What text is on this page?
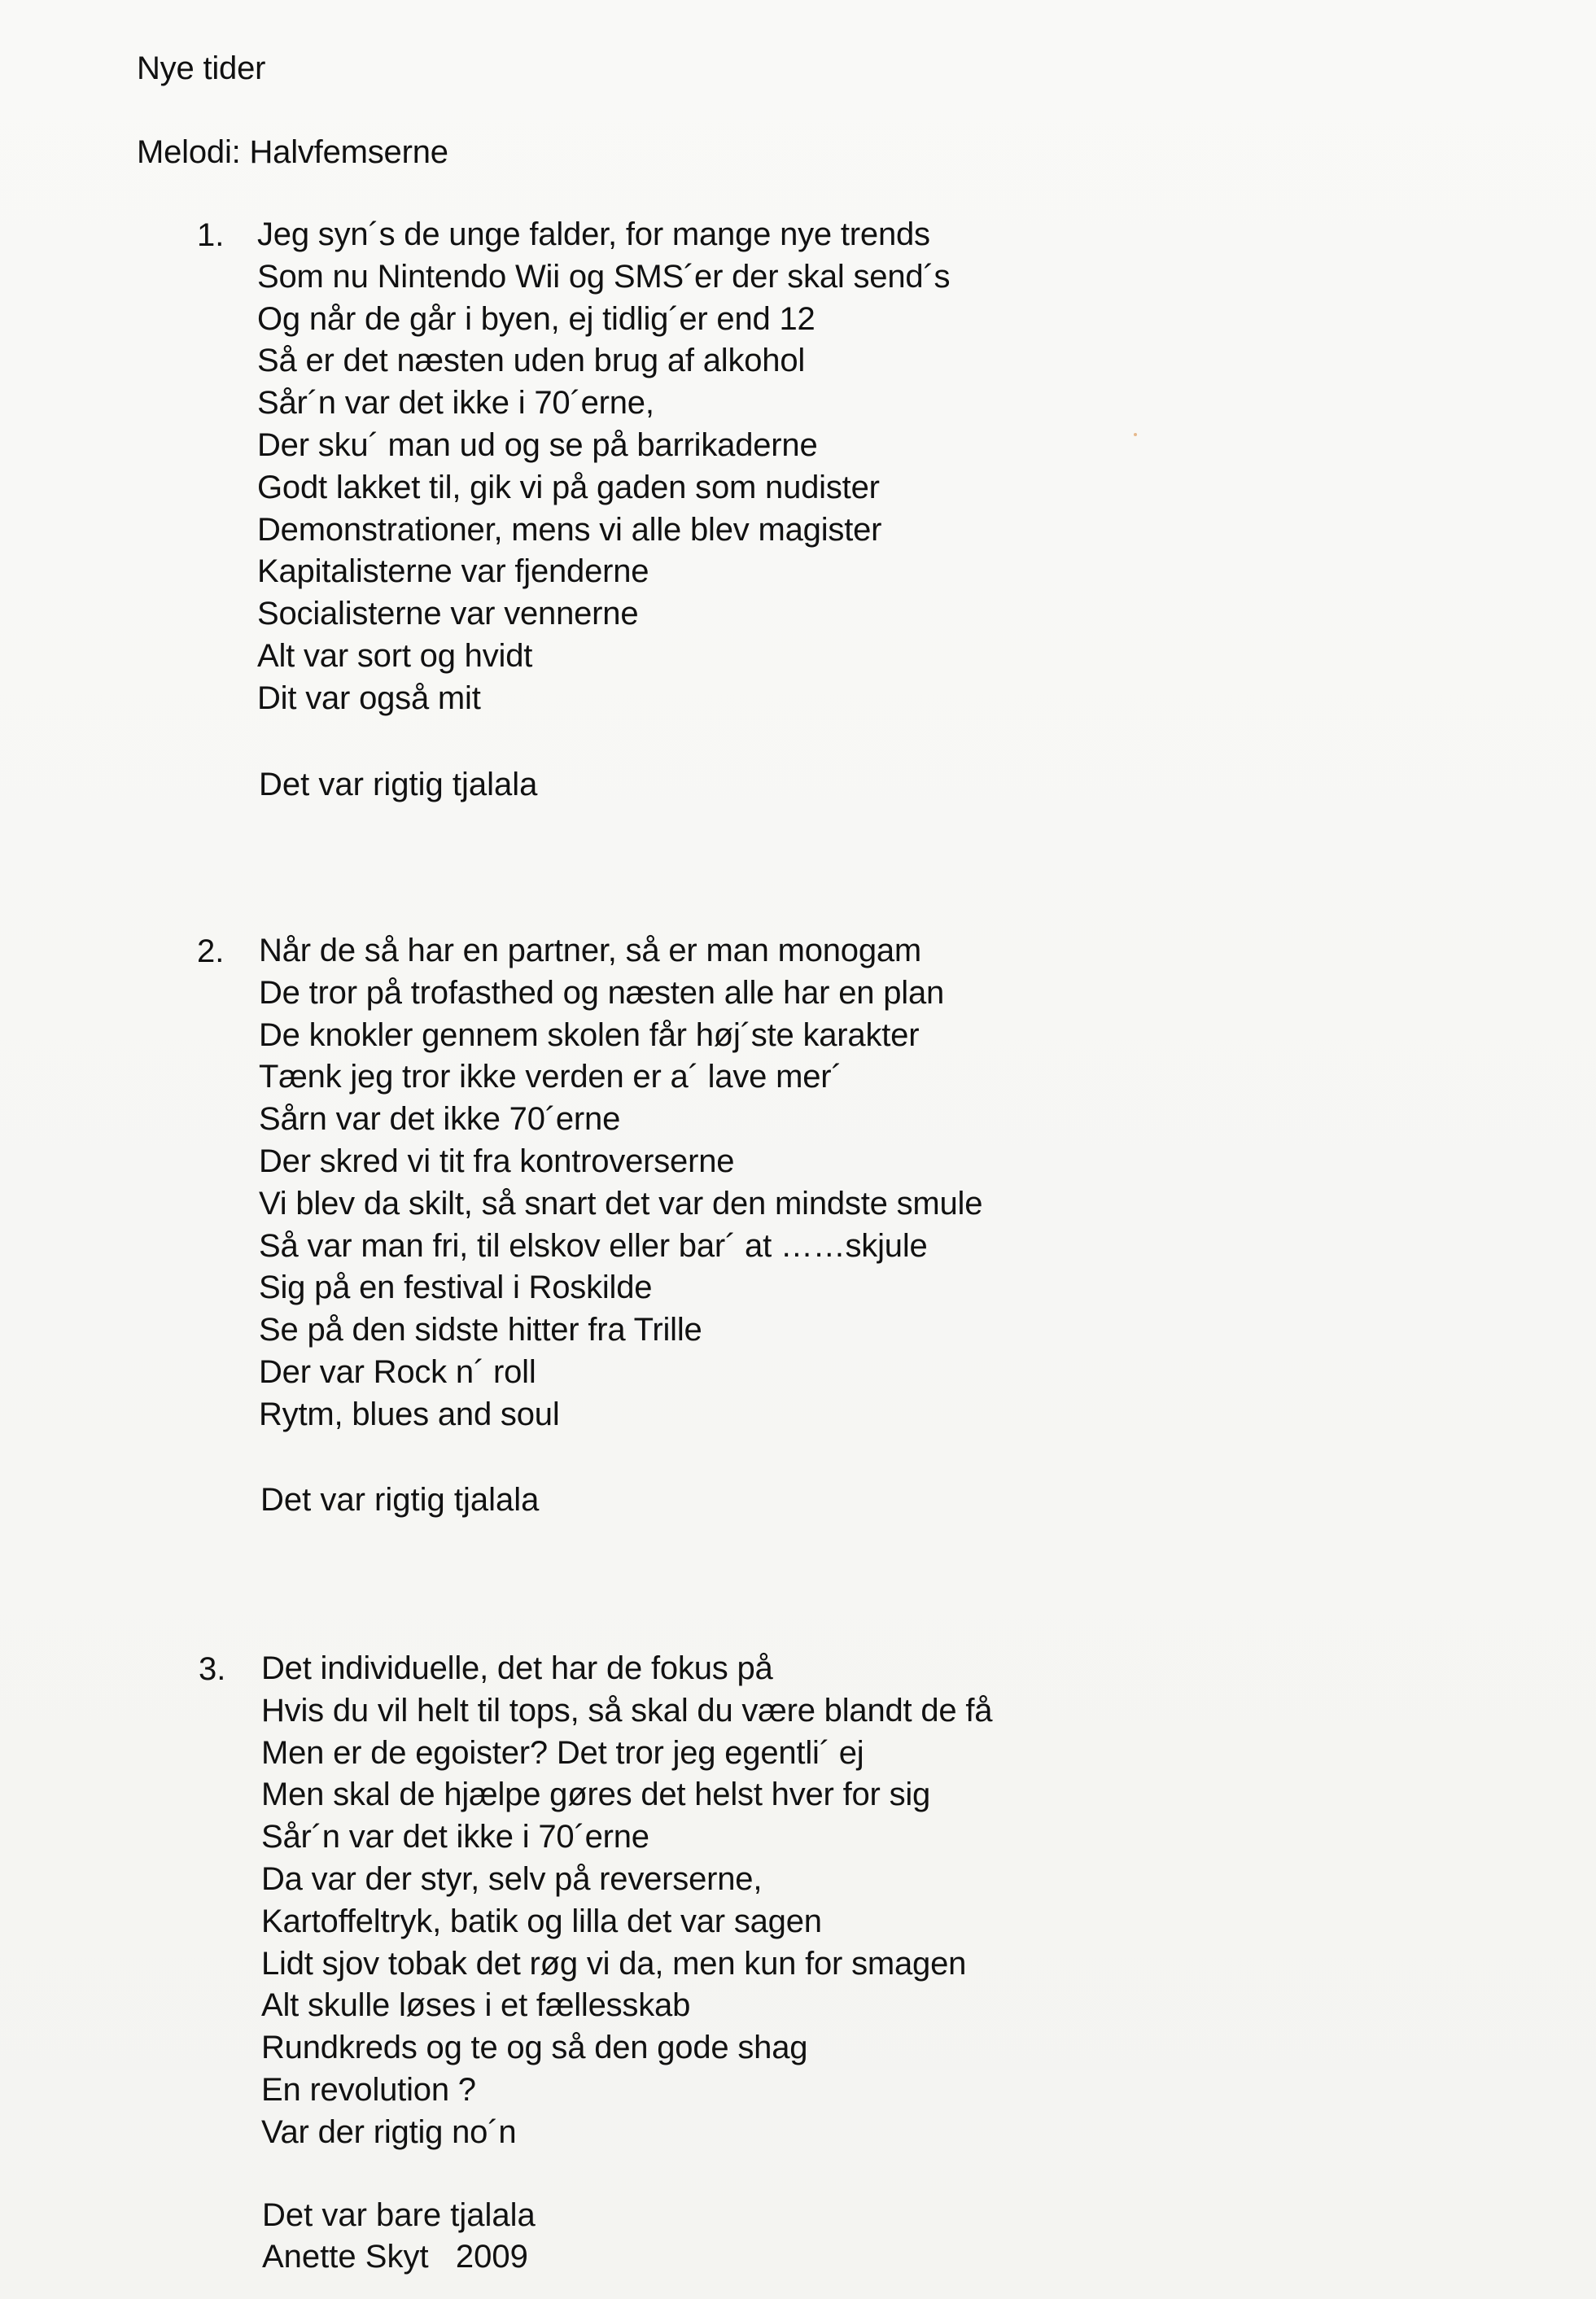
Nye tider
Melodi: Halvfemserne
1. Jeg syn´s de unge falder, for mange nye trends
Som nu Nintendo Wii og SMS´er der skal send´s
Og når de går i byen, ej tidlig´er end 12
Så er det næsten uden brug af alkohol
Sår´n var det ikke i 70´erne,
Der sku´ man ud og se på barrikaderne
Godt lakket til, gik vi på gaden som nudister
Demonstrationer, mens vi alle blev magister
Kapitalisterne var fjenderne
Socialisterne var vennerne
Alt var sort og hvidt
Dit var også mit
Det var rigtig tjalala
2. Når de så har en partner, så er man monogam
De tror på trofasthed og næsten alle har en plan
De knokler gennem skolen får høj´ste karakter
Tænk jeg tror ikke verden er a´ lave mer´
Sårn var det ikke 70´erne
Der skred vi tit fra kontroverserne
Vi blev da skilt, så snart det var den mindste smule
Så var man fri, til elskov eller bar´ at ……skjule
Sig på en festival i Roskilde
Se på den sidste hitter fra Trille
Der var Rock n´ roll
Rytm, blues and soul
Det var rigtig tjalala
3. Det individuelle, det har de fokus på
Hvis du vil helt til tops, så skal du være blandt de få
Men er de egoister? Det tror jeg egentli´ ej
Men skal de hjælpe gøres det helst hver for sig
Sår´n var det ikke i 70´erne
Da var der styr, selv på reverserne,
Kartoffeltryk, batik og lilla det var sagen
Lidt sjov tobak det røg vi da, men kun for smagen
Alt skulle løses i et fællesskab
Rundkreds og te og så den gode shag
En revolution ?
Var der rigtig no´n
Det var bare tjalala
Anette Skyt   2009
